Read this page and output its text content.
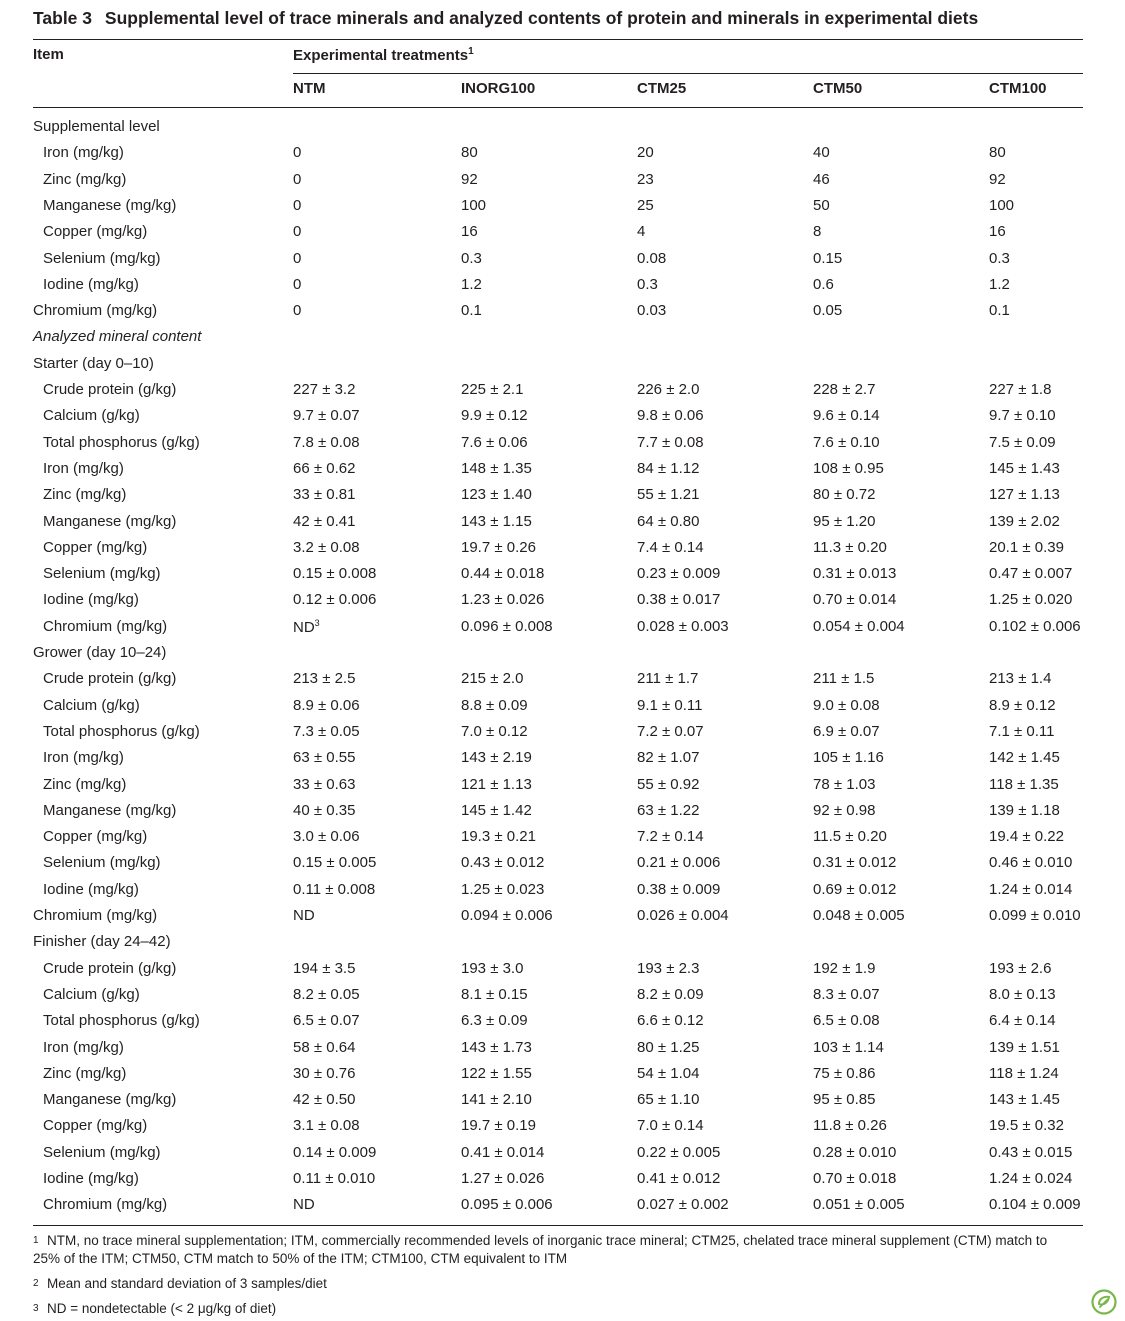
Table 3 Supplemental level of trace minerals and analyzed contents of protein and minerals in experimental diets
Item	Experimental treatments$^1$
NTM	INORG100	CTM25	CTM50	CTM100
Supplemental level
Iron (mg/kg)	0	80	20	40	80
Zinc (mg/kg)	0	92	23	46	92
Manganese (mg/kg)	0	100	25	50	100
Copper (mg/kg)	0	16	4	8	16
Selenium (mg/kg)	0	0.3	0.08	0.15	0.3
Iodine (mg/kg)	0	1.2	0.3	0.6	1.2
Chromium (mg/kg)	0	0.1	0.03	0.05	0.1
Analyzed mineral content
Starter (day 0–10)
Crude protein (g/kg)	227 ± 3.2	225 ± 2.1	226 ± 2.0	228 ± 2.7	227 ± 1.8
Calcium (g/kg)	9.7 ± 0.07	9.9 ± 0.12	9.8 ± 0.06	9.6 ± 0.14	9.7 ± 0.10
Total phosphorus (g/kg)	7.8 ± 0.08	7.6 ± 0.06	7.7 ± 0.08	7.6 ± 0.10	7.5 ± 0.09
Iron (mg/kg)	66 ± 0.62	148 ± 1.35	84 ± 1.12	108 ± 0.95	145 ± 1.43
Zinc (mg/kg)	33 ± 0.81	123 ± 1.40	55 ± 1.21	80 ± 0.72	127 ± 1.13
Manganese (mg/kg)	42 ± 0.41	143 ± 1.15	64 ± 0.80	95 ± 1.20	139 ± 2.02
Copper (mg/kg)	3.2 ± 0.08	19.7 ± 0.26	7.4 ± 0.14	11.3 ± 0.20	20.1 ± 0.39
Selenium (mg/kg)	0.15 ± 0.008	0.44 ± 0.018	0.23 ± 0.009	0.31 ± 0.013	0.47 ± 0.007
Iodine (mg/kg)	0.12 ± 0.006	1.23 ± 0.026	0.38 ± 0.017	0.70 ± 0.014	1.25 ± 0.020
Chromium (mg/kg)	$ND^3$	0.096 ± 0.008	0.028 ± 0.003	0.054 ± 0.004	0.102 ± 0.006
Grower (day 10–24)
Crude protein (g/kg)	213 ± 2.5	215 ± 2.0	211 ± 1.7	211 ± 1.5	213 ± 1.4
Calcium (g/kg)	8.9 ± 0.06	8.8 ± 0.09	9.1 ± 0.11	9.0 ± 0.08	8.9 ± 0.12
Total phosphorus (g/kg)	7.3 ± 0.05	7.0 ± 0.12	7.2 ± 0.07	6.9 ± 0.07	7.1 ± 0.11
Iron (mg/kg)	63 ± 0.55	143 ± 2.19	82 ± 1.07	105 ± 1.16	142 ± 1.45
Zinc (mg/kg)	33 ± 0.63	121 ± 1.13	55 ± 0.92	78 ± 1.03	118 ± 1.35
Manganese (mg/kg)	40 ± 0.35	145 ± 1.42	63 ± 1.22	92 ± 0.98	139 ± 1.18
Copper (mg/kg)	3.0 ± 0.06	19.3 ± 0.21	7.2 ± 0.14	11.5 ± 0.20	19.4 ± 0.22
Selenium (mg/kg)	0.15 ± 0.005	0.43 ± 0.012	0.21 ± 0.006	0.31 ± 0.012	0.46 ± 0.010
Iodine (mg/kg)	0.11 ± 0.008	1.25 ± 0.023	0.38 ± 0.009	0.69 ± 0.012	1.24 ± 0.014
Chromium (mg/kg)	ND	0.094 ± 0.006	0.026 ± 0.004	0.048 ± 0.005	0.099 ± 0.010
Finisher (day 24–42)
Crude protein (g/kg)	194 ± 3.5	193 ± 3.0	193 ± 2.3	192 ± 1.9	193 ± 2.6
Calcium (g/kg)	8.2 ± 0.05	8.1 ± 0.15	8.2 ± 0.09	8.3 ± 0.07	8.0 ± 0.13
Total phosphorus (g/kg)	6.5 ± 0.07	6.3 ± 0.09	6.6 ± 0.12	6.5 ± 0.08	6.4 ± 0.14
Iron (mg/kg)	58 ± 0.64	143 ± 1.73	80 ± 1.25	103 ± 1.14	139 ± 1.51
Zinc (mg/kg)	30 ± 0.76	122 ± 1.55	54 ± 1.04	75 ± 0.86	118 ± 1.24
Manganese (mg/kg)	42 ± 0.50	141 ± 2.10	65 ± 1.10	95 ± 0.85	143 ± 1.45
Copper (mg/kg)	3.1 ± 0.08	19.7 ± 0.19	7.0 ± 0.14	11.8 ± 0.26	19.5 ± 0.32
Selenium (mg/kg)	0.14 ± 0.009	0.41 ± 0.014	0.22 ± 0.005	0.28 ± 0.010	0.43 ± 0.015
Iodine (mg/kg)	0.11 ± 0.010	1.27 ± 0.026	0.41 ± 0.012	0.70 ± 0.018	1.24 ± 0.024
Chromium (mg/kg)	ND	0.095 ± 0.006	0.027 ± 0.002	0.051 ± 0.005	0.104 ± 0.009
1 NTM, no trace mineral supplementation; ITM, commercially recommended levels of inorganic trace mineral; CTM25, chelated trace mineral supplement (CTM) match to 25% of the ITM; CTM50, CTM match to 50% of the ITM; CTM100, CTM equivalent to ITM
2 Mean and standard deviation of 3 samples/diet
3 ND = nondetectable (< 2 μg/kg of diet)
